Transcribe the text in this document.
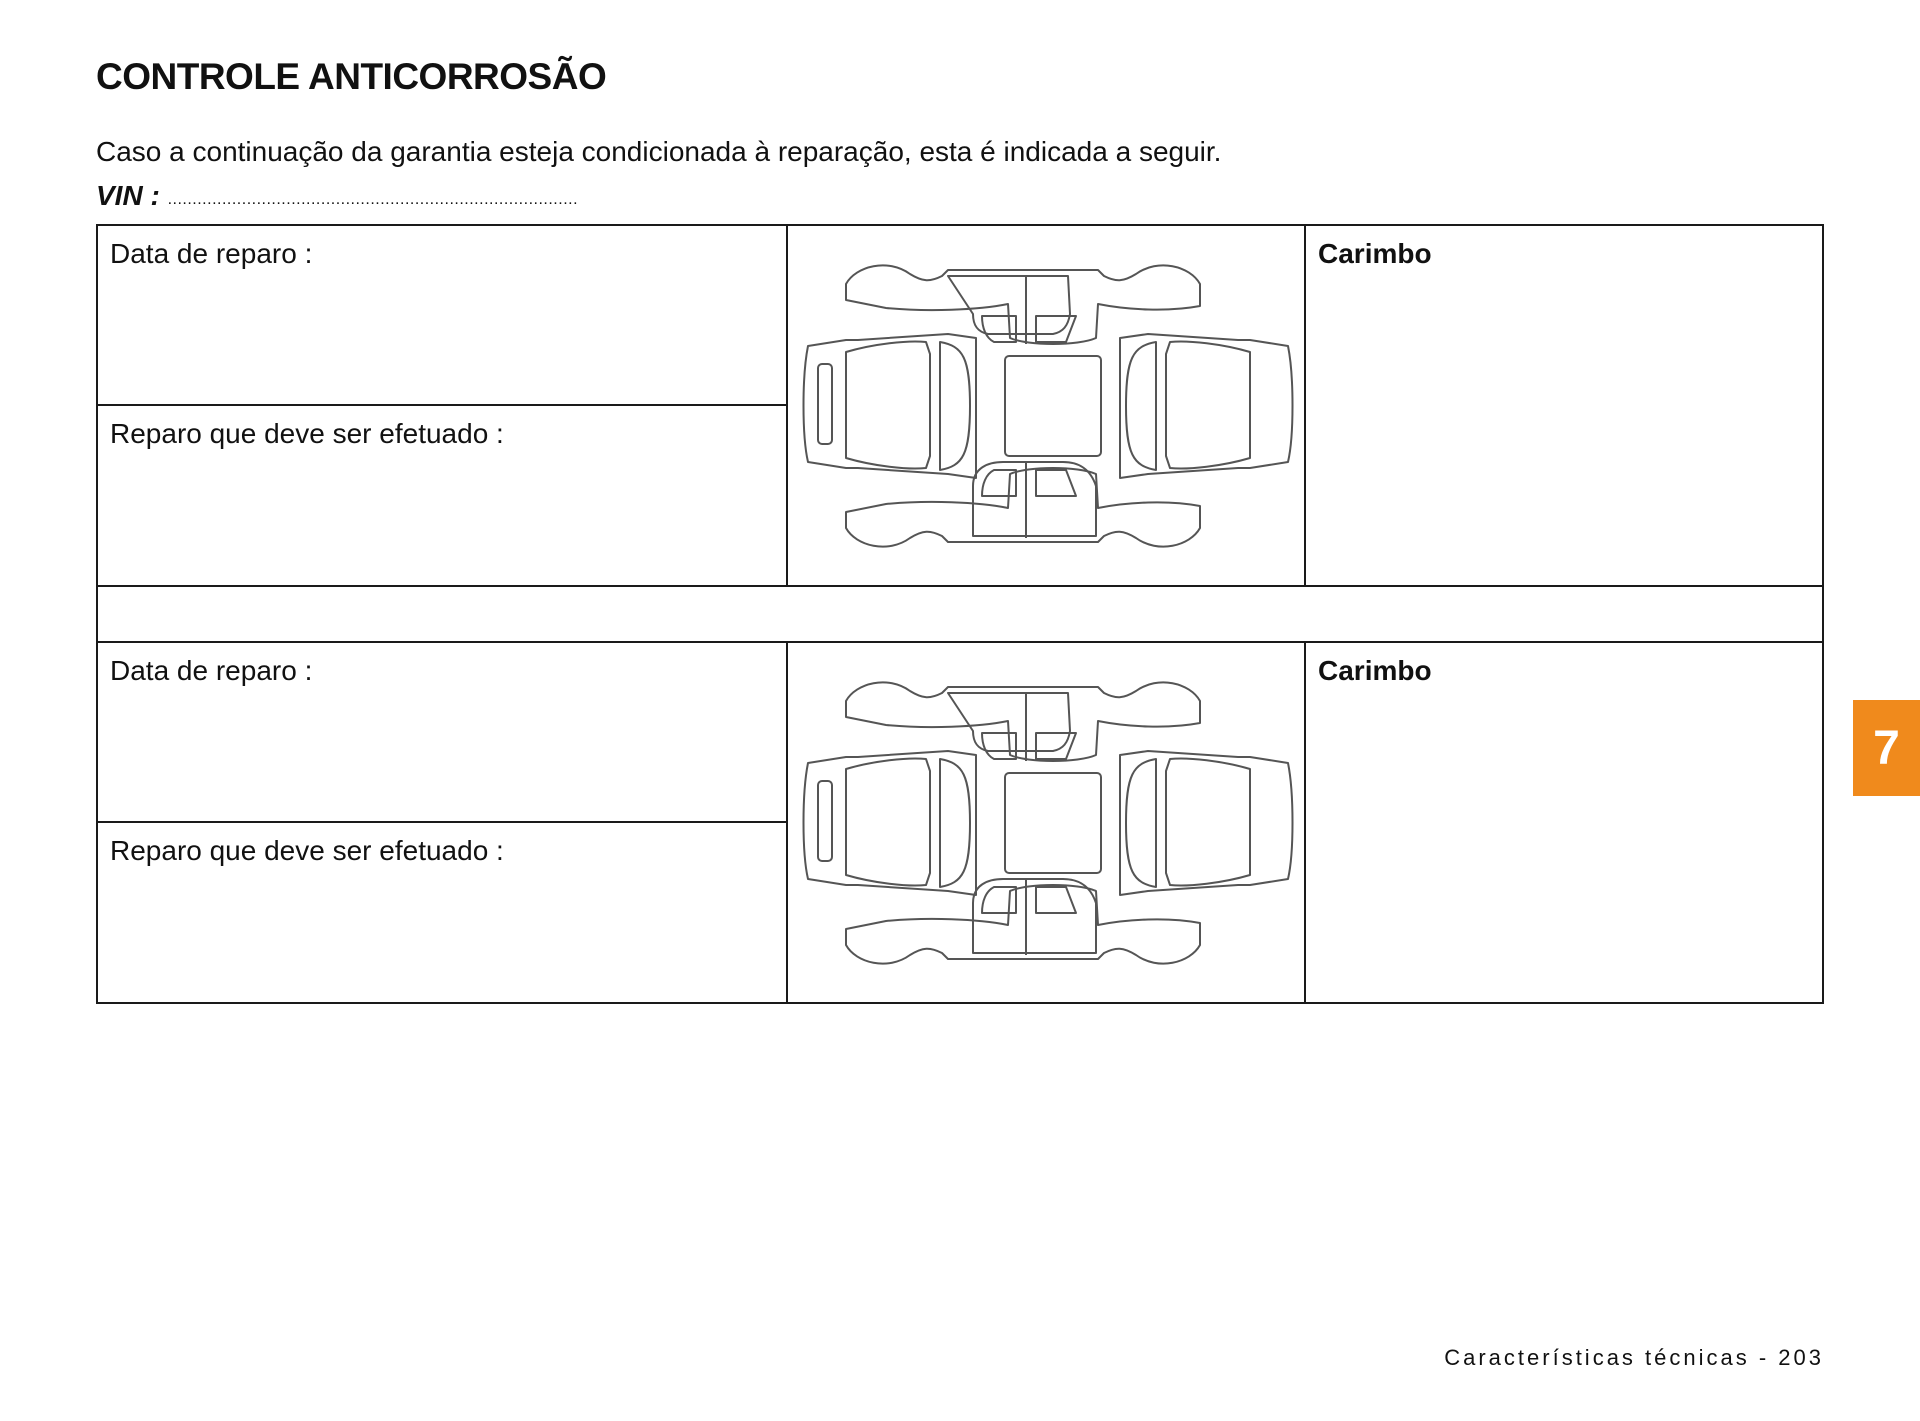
CONTROLE ANTICORROSÃO

Caso a continuação da garantia esteja condicionada à reparação, esta é indicada a seguir.

VIN : ...................................................................................

Data de reparo :

Reparo que deve ser efetuado :

Carimbo

Data de reparo :

Reparo que deve ser efetuado :

Carimbo

7

Características técnicas - 203
